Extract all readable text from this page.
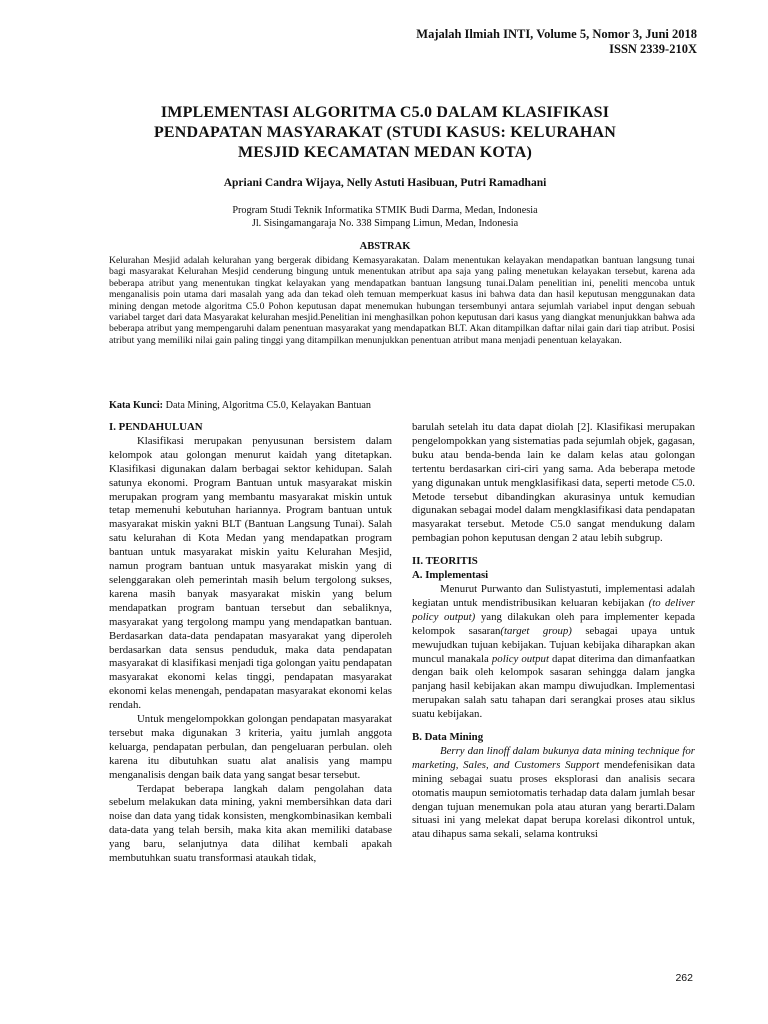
Majalah Ilmiah INTI, Volume 5, Nomor 3, Juni 2018
ISSN 2339-210X
IMPLEMENTASI ALGORITMA C5.0 DALAM KLASIFIKASI
PENDAPATAN MASYARAKAT (STUDI KASUS: KELURAHAN
MESJID KECAMATAN MEDAN KOTA)
Apriani Candra Wijaya, Nelly Astuti Hasibuan, Putri Ramadhani
Program Studi Teknik Informatika STMIK Budi Darma, Medan, Indonesia
Jl. Sisingamangaraja No. 338 Simpang Limun, Medan, Indonesia
ABSTRAK
Kelurahan Mesjid adalah kelurahan yang bergerak dibidang Kemasyarakatan. Dalam menentukan kelayakan mendapatkan bantuan langsung tunai bagi masyarakat Kelurahan Mesjid cenderung bingung untuk menentukan atribut apa saja yang paling menetukan kelayakan tersebut, karena ada beberapa atribut yang menentukan tingkat kelayakan yang mendapatkan bantuan langsung tunai.Dalam penelitian ini, peneliti mencoba untuk menganalisis poin utama dari masalah yang ada dan tekad oleh temuan memperkuat kasus ini bahwa data dan hasil keputusan menggunakan data mining dengan metode algoritma C5.0 Pohon keputusan dapat menemukan hubungan tersembunyi antara sejumlah variabel input dengan sebuah variabel target dari data Masyarakat kelurahan mesjid.Penelitian ini menghasilkan pohon keputusan dari kasus yang diangkat menunjukkan bahwa ada beberapa atribut yang mempengaruhi dalam penentuan masyarakat yang mendapatkan BLT. Akan ditampilkan daftar nilai gain dari tiap atribut. Posisi atribut yang memiliki nilai gain paling tinggi yang ditampilkan menunjukkan penentuan atribut mana menjadi penentuan kelayakan.
Kata Kunci: Data Mining, Algoritma C5.0, Kelayakan Bantuan

I. PENDAHULUAN

Klasifikasi merupakan penyusunan bersistem dalam kelompok atau golongan menurut kaidah yang ditetapkan. Klasifikasi digunakan dalam berbagai sektor kehidupan. Salah satunya ekonomi. Program Bantuan untuk masyarakat miskin merupakan program yang membantu masyarakat miskin untuk tetap memenuhi kebutuhan hariannya. Program bantuan untuk masyarakat miskin yakni BLT (Bantuan Langsung Tunai). Salah satu kelurahan di Kota Medan yang mendapatkan program bantuan untuk masyarakat miskin yaitu Kelurahan Mesjid, namun program bantuan untuk masyarakat miskin yang di selenggarakan oleh pemerintah masih belum tergolong sukses, karena masih banyak masyarakat miskin yang belum mendapatkan program bantuan tersebut dan sebaliknya, masyarakat yang tergolong mampu yang mendapatkan bantuan. Berdasarkan data-data pendapatan masyarakat yang diperoleh berdasarkan data sensus penduduk, maka data pendapatan masyarakat di klasifikasi menjadi tiga golongan yaitu pendapatan masyarakat ekonomi kelas tinggi, pendapatan masyarakat ekonomi kelas menengah, pendapatan masyarakat ekonomi kelas rendah.

Untuk mengelompokkan golongan pendapatan masyarakat tersebut maka digunakan 3 kriteria, yaitu jumlah anggota keluarga, pendapatan perbulan, dan pengeluaran perbulan. oleh karena itu dibutuhkan suatu alat analisis yang mampu menganalisis dengan baik data yang sangat besar tersebut.

Terdapat beberapa langkah dalam pengolahan data sebelum melakukan data mining, yakni membersihkan data dari noise dan data yang tidak konsisten, mengkombinasikan kembali data-data yang telah bersih, maka kita akan memiliki database yang baru, selanjutnya data dilihat kembali apakah membutuhkan suatu transformasi ataukah tidak,

barulah setelah itu data dapat diolah [2]. Klasifikasi merupakan pengelompokkan yang sistematias pada sejumlah objek, gagasan, buku atau benda-benda lain ke dalam kelas atau golongan tertentu berdasarkan ciri-ciri yang sama. Ada beberapa metode yang digunakan untuk mengklasifikasi data, seperti metode C5.0. Metode tersebut dibandingkan akurasinya untuk kemudian digunakan sebagai model dalam mengklasifikasi data pendapatan masyarakat tersebut. Metode C5.0 sangat mendukung dalam pembagian pohon keputusan dengan 2 atau lebih subgrup.

II. TEORITIS

A. Implementasi

Menurut Purwanto dan Sulistyastuti, implementasi adalah kegiatan untuk mendistribusikan keluaran kebijakan (to deliver policy output) yang dilakukan oleh para implementer kepada kelompok sasaran(target group) sebagai upaya untuk mewujudkan tujuan kebijakan. Tujuan kebijaka diharapkan akan muncul manakala policy output dapat diterima dan dimanfaatkan dengan baik oleh kelompok sasaran sehingga dalam jangka panjang hasil kebijakan akan mampu diwujudkan. Implementasi merupakan salah satu tahapan dari serangkai proses atau siklus suatu kebijakan.

B. Data Mining

Berry dan linoff dalam bukunya data mining technique for marketing, Sales, and Customers Support mendefenisikan data mining sebagai suatu proses eksplorasi dan analisis secara otomatis maupun semiotomatis terhadap data dalam jumlah besar dengan tujuan menemukan pola atau aturan yang berarti.Dalam situasi ini yang melekat dapat berupa korelasi dikontrol untuk, atau dihapus sama sekali, selama kontruksi

262
